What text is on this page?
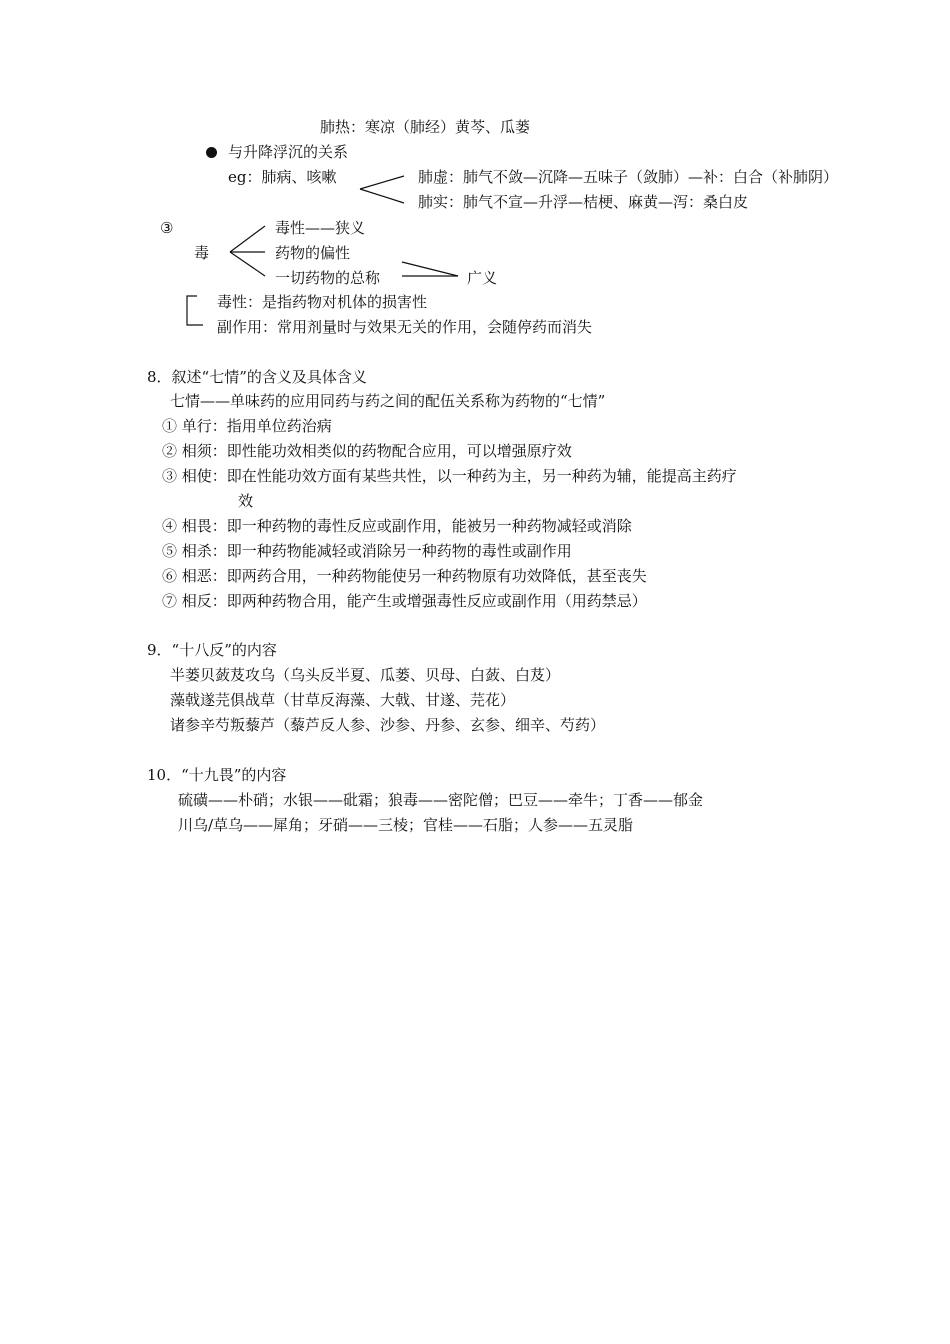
肺热：寒凉（肺经）黄芩、瓜蒌
与升降浮沉的关系
eg：肺病、咳嗽	肺虚：肺气不敛—沉降—五味子（敛肺）—补：白合（补肺阴）
肺实：肺气不宣—升浮—桔梗、麻黄—泻：桑白皮
③
毒
毒性——狭义
药物的偏性
一切药物的总称	广义
毒性：是指药物对机体的损害性
副作用：常用剂量时与效果无关的作用，会随停药而消失
8．叙述“七情”的含义及具体含义
七情——单味药的应用同药与药之间的配伍关系称为药物的“七情”
① 单行：指用单位药治病
② 相须：即性能功效相类似的药物配合应用，可以增强原疗效
③ 相使：即在性能功效方面有某些共性，以一种药为主，另一种药为辅，能提高主药疗
效
④ 相畏：即一种药物的毒性反应或副作用，能被另一种药物减轻或消除
⑤ 相杀：即一种药物能减轻或消除另一种药物的毒性或副作用
⑥ 相恶：即两药合用，一种药物能使另一种药物原有功效降低，甚至丧失
⑦ 相反：即两种药物合用，能产生或增强毒性反应或副作用（用药禁忌）
9．“十八反”的内容
半蒌贝蔹芨攻乌（乌头反半夏、瓜蒌、贝母、白蔹、白芨）
藻戟遂芫俱战草（甘草反海藻、大戟、甘遂、芫花）
诸参辛芍叛藜芦（藜芦反人参、沙参、丹参、玄参、细辛、芍药）
10．“十九畏”的内容
硫磺——朴硝；水银——砒霜；狼毒——密陀僧；巴豆——牵牛；丁香——郁金
川乌/草乌——犀角；牙硝——三棱；官桂——石脂；人参——五灵脂
